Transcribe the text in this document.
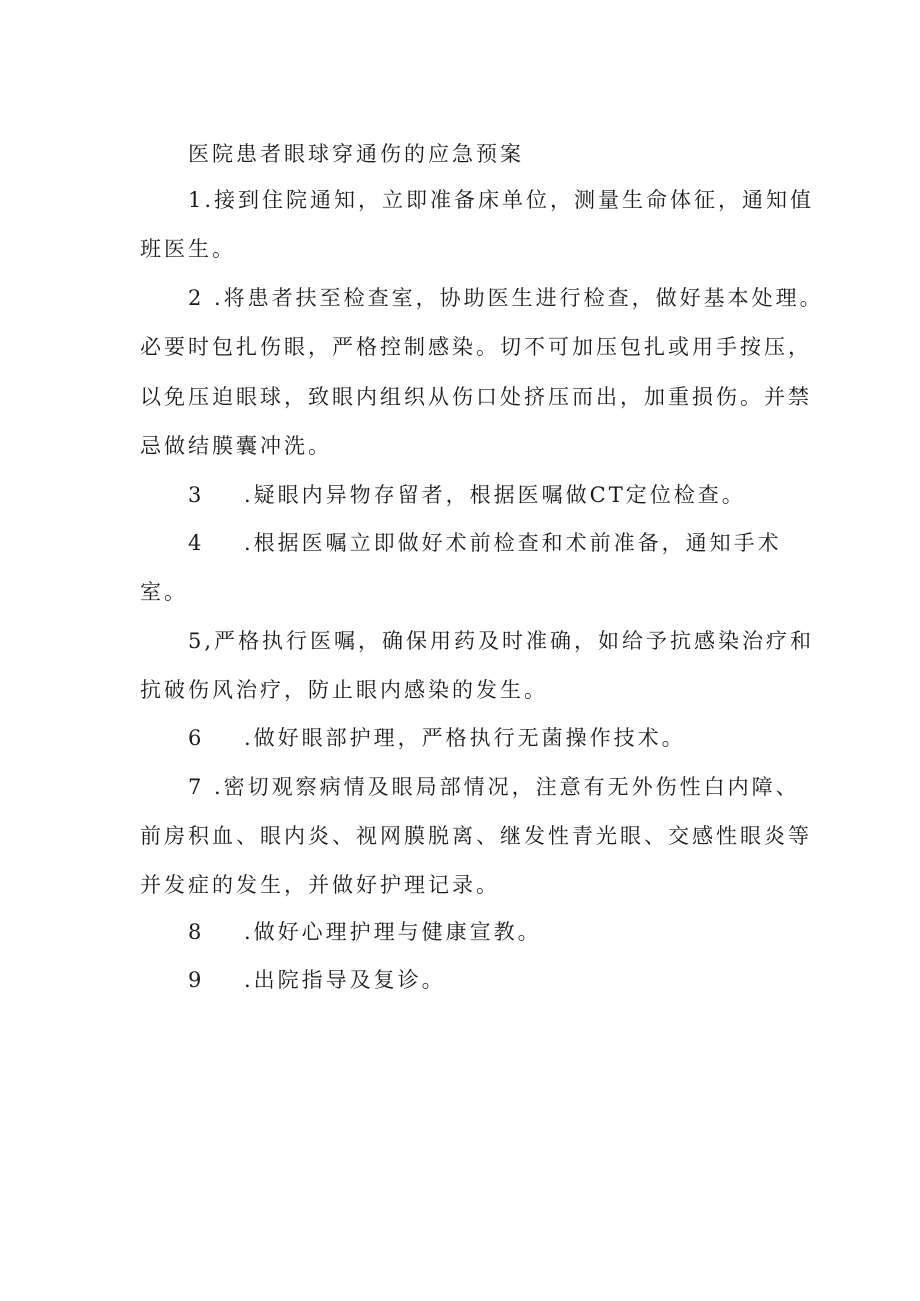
医院患者眼球穿通伤的应急预案
1.接到住院通知，立即准备床单位，测量生命体征，通知值
班医生。
2 .将患者扶至检查室，协助医生进行检查，做好基本处理。
必要时包扎伤眼，严格控制感染。切不可加压包扎或用手按压，
以免压迫眼球，致眼内组织从伤口处挤压而出，加重损伤。并禁
忌做结膜囊冲洗。
3 .疑眼内异物存留者，根据医嘱做CT定位检查。
4 .根据医嘱立即做好术前检查和术前准备，通知手术
室。
5,严格执行医嘱，确保用药及时准确，如给予抗感染治疗和
抗破伤风治疗，防止眼内感染的发生。
6 .做好眼部护理，严格执行无菌操作技术。
7 .密切观察病情及眼局部情况，注意有无外伤性白内障、
前房积血、眼内炎、视网膜脱离、继发性青光眼、交感性眼炎等
并发症的发生，并做好护理记录。
8 .做好心理护理与健康宣教。
9 .出院指导及复诊。
